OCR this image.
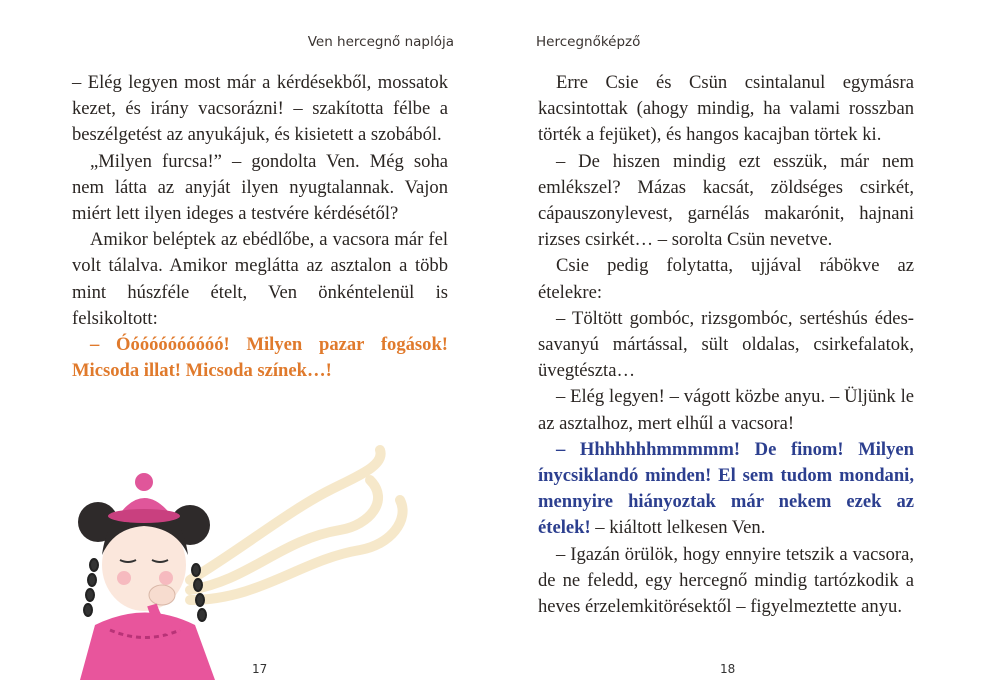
Ven hercegnő naplója

– Elég legyen most már a kérdésekből, mossatok kezet, és irány vacsorázni! – szakította félbe a beszélgetést az anyukájuk, és kisietett a szobából.

„Milyen furcsa!” – gondolta Ven. Még soha nem látta az anyját ilyen nyugtalannak. Vajon miért lett ilyen ideges a testvére kérdésétől?

Amikor beléptek az ebédlőbe, a vacsora már fel volt tálalva. Amikor meglátta az asztalon a több mint húszféle ételt, Ven önkéntelenül is felsikoltott:

– Óóóóóóóóóóó! Milyen pazar fogások! Micsoda illat! Micsoda színek…!

17
Hercegnőképző

Erre Csie és Csün csintalanul egymásra kacsintottak (ahogy mindig, ha valami rosszban törték a fejüket), és hangos kacajban törtek ki.

– De hiszen mindig ezt esszük, már nem emlékszel? Mázas kacsát, zöldséges csirkét, cápauszonylevest, garnélás makarónit, hajnani rizses csirkét… – sorolta Csün nevetve.

Csie pedig folytatta, ujjával rábökve az ételekre:

– Töltött gombóc, rizsgombóc, sertéshús édes-savanyú mártással, sült oldalas, csirkefalatok, üvegtészta…

– Elég legyen! – vágott közbe anyu. – Üljünk le az asztalhoz, mert elhűl a vacsora!

– Hhhhhhhmmmmm! De finom! Milyen ínycsiklandó minden! El sem tudom mondani, mennyire hiányoztak már nekem ezek az ételek! – kiáltott lelkesen Ven.

– Igazán örülök, hogy ennyire tetszik a vacsora, de ne feledd, egy hercegnő mindig tartózkodik a heves érzelemkitörésektől – figyelmeztette anyu.

18
